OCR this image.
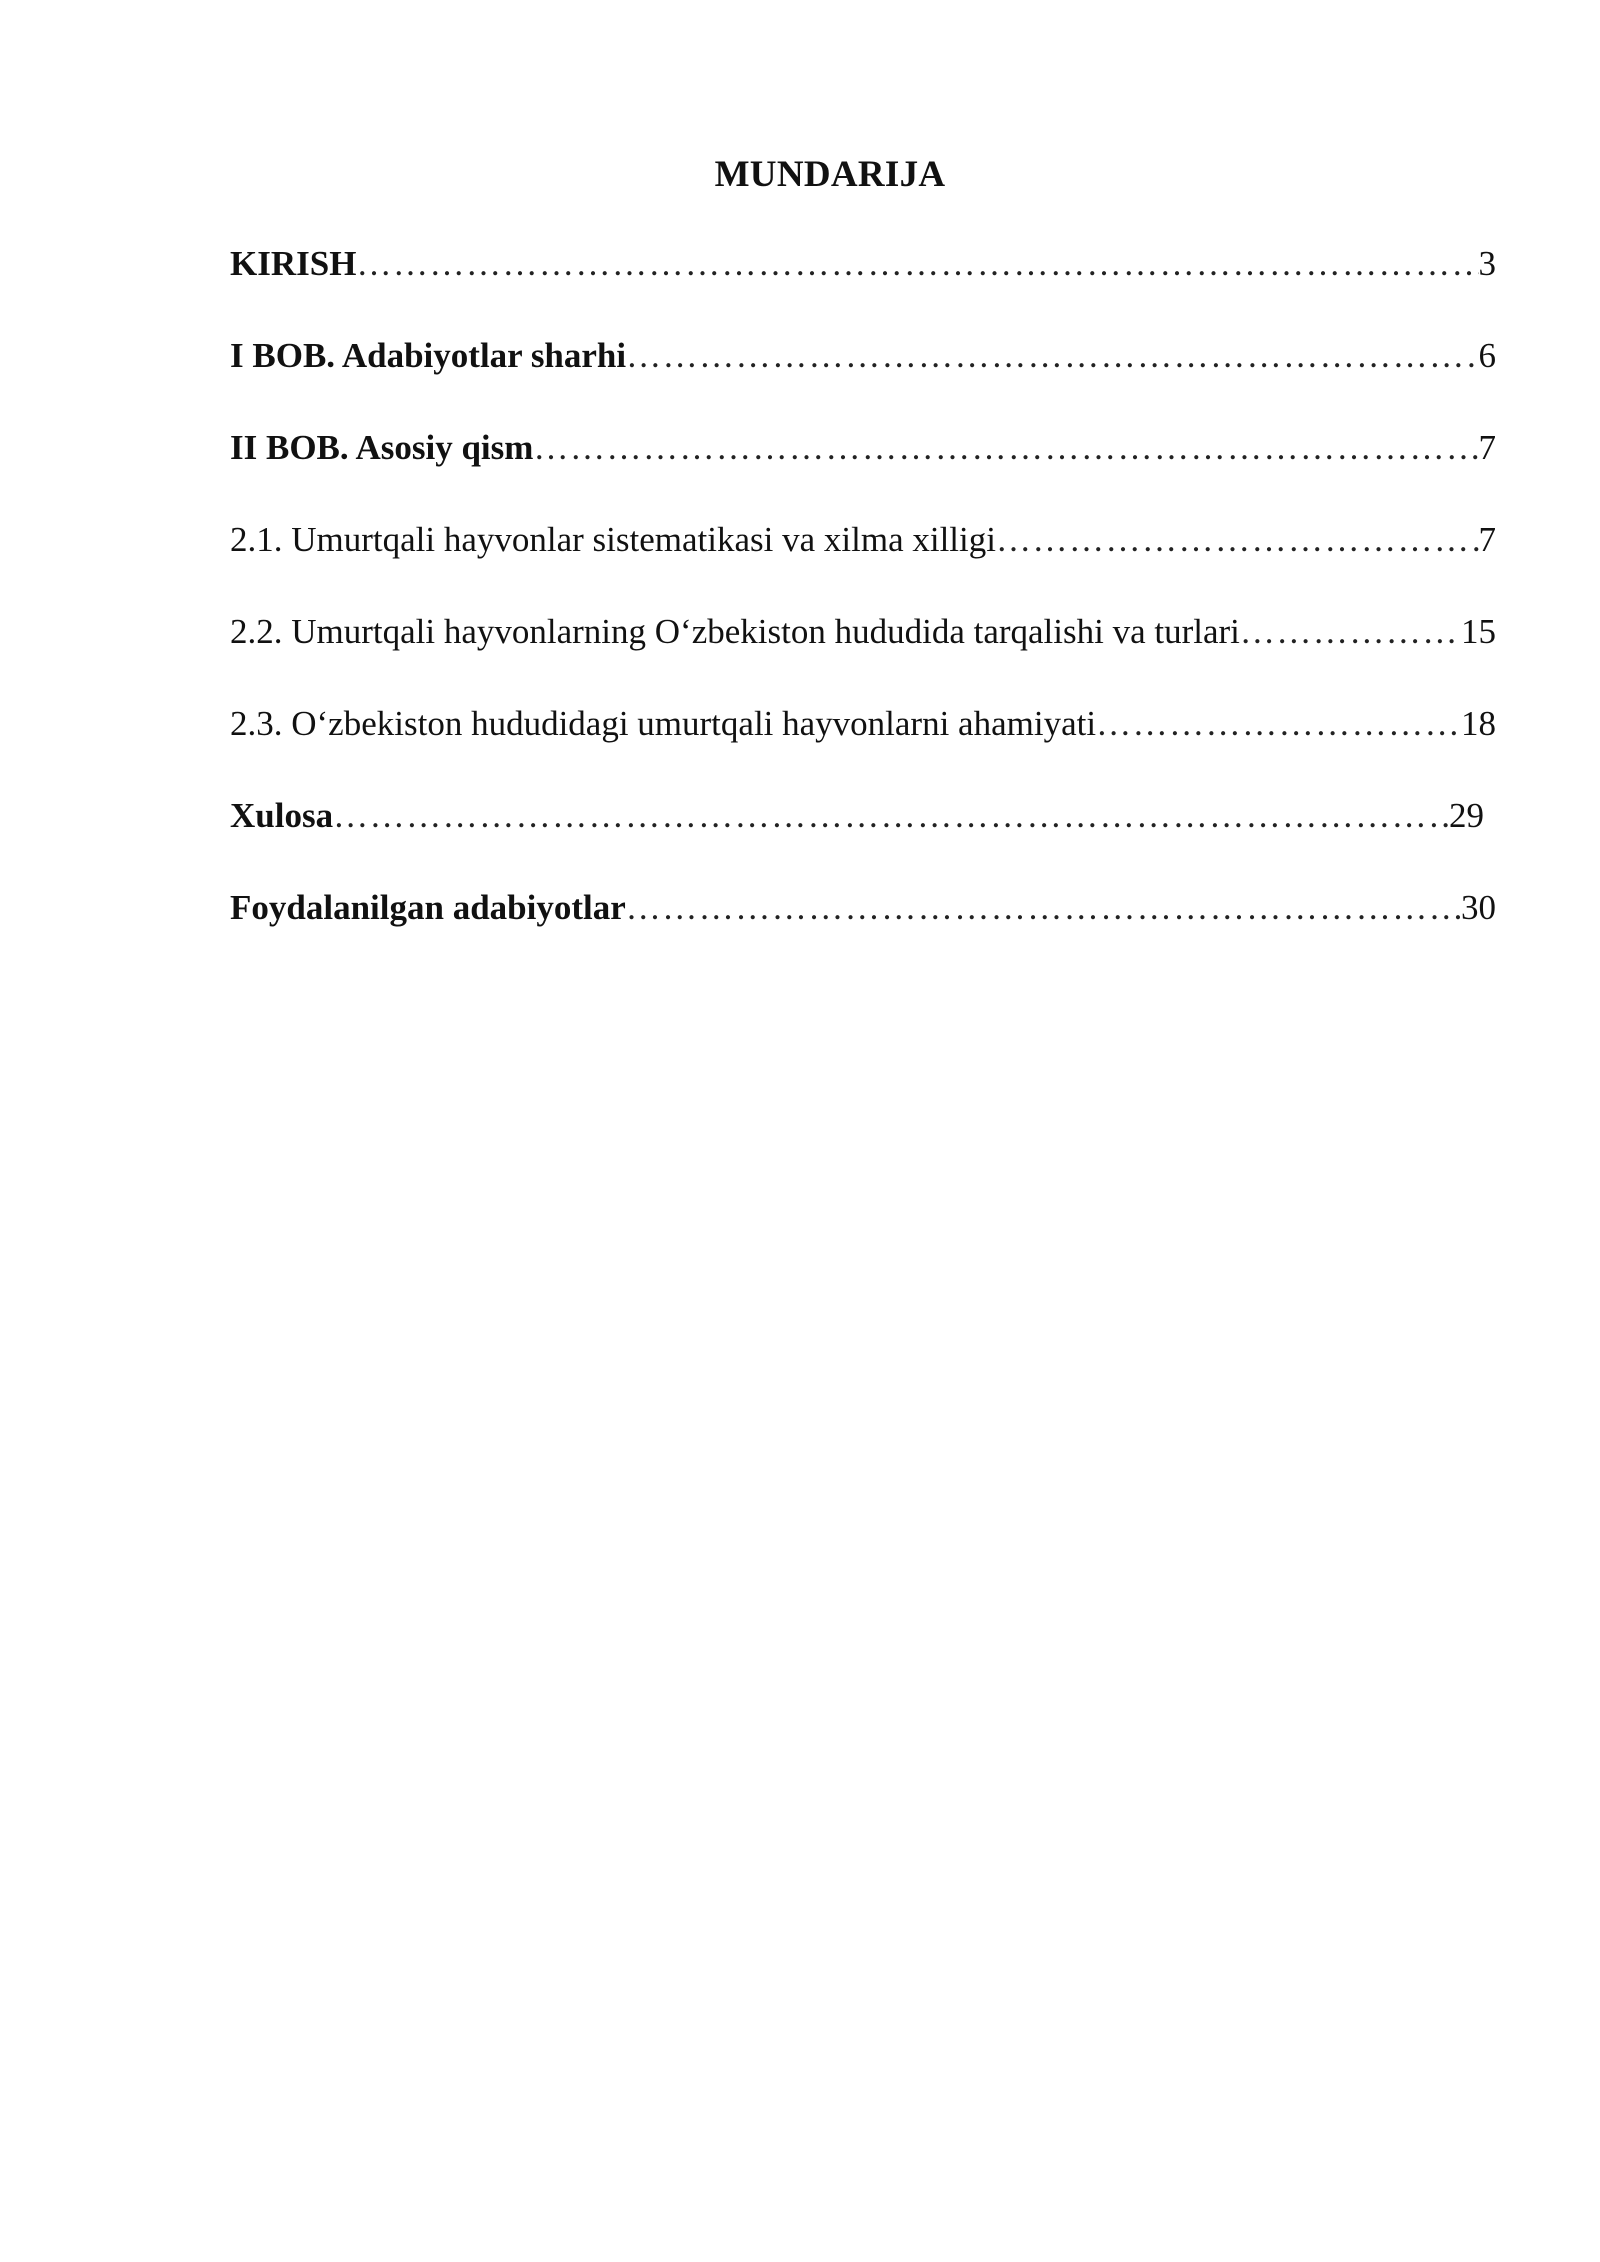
MUNDARIJA
KIRISH …………………………………………………………………………………………………………………………………………………………………………………………………………	3
I BOB. Adabiyotlar sharhi …………………………………………………………………………………………………………………………………………………………………………………………………………	6
II BOB. Asosiy qism …………………………………………………………………………………………………………………………………………………………………………………………………………	7
2.1. Umurtqali hayvonlar sistematikasi va xilma xilligi …………………………………………………………………………………………………………………………………………………………………………………………………………	7
2.2. Umurtqali hayvonlarning O‘zbekiston hududida tarqalishi va turlari …………………………………………………………………………………………………………………………………………………………………………………………………………	15
2.3. O‘zbekiston hududidagi umurtqali hayvonlarni ahamiyati …………………………………………………………………………………………………………………………………………………………………………………………………………	18
Xulosa …………………………………………………………………………………………………………………………………………………………………………………………………………	29
Foydalanilgan adabiyotlar …………………………………………………………………………………………………………………………………………………………………………………………………………	30
